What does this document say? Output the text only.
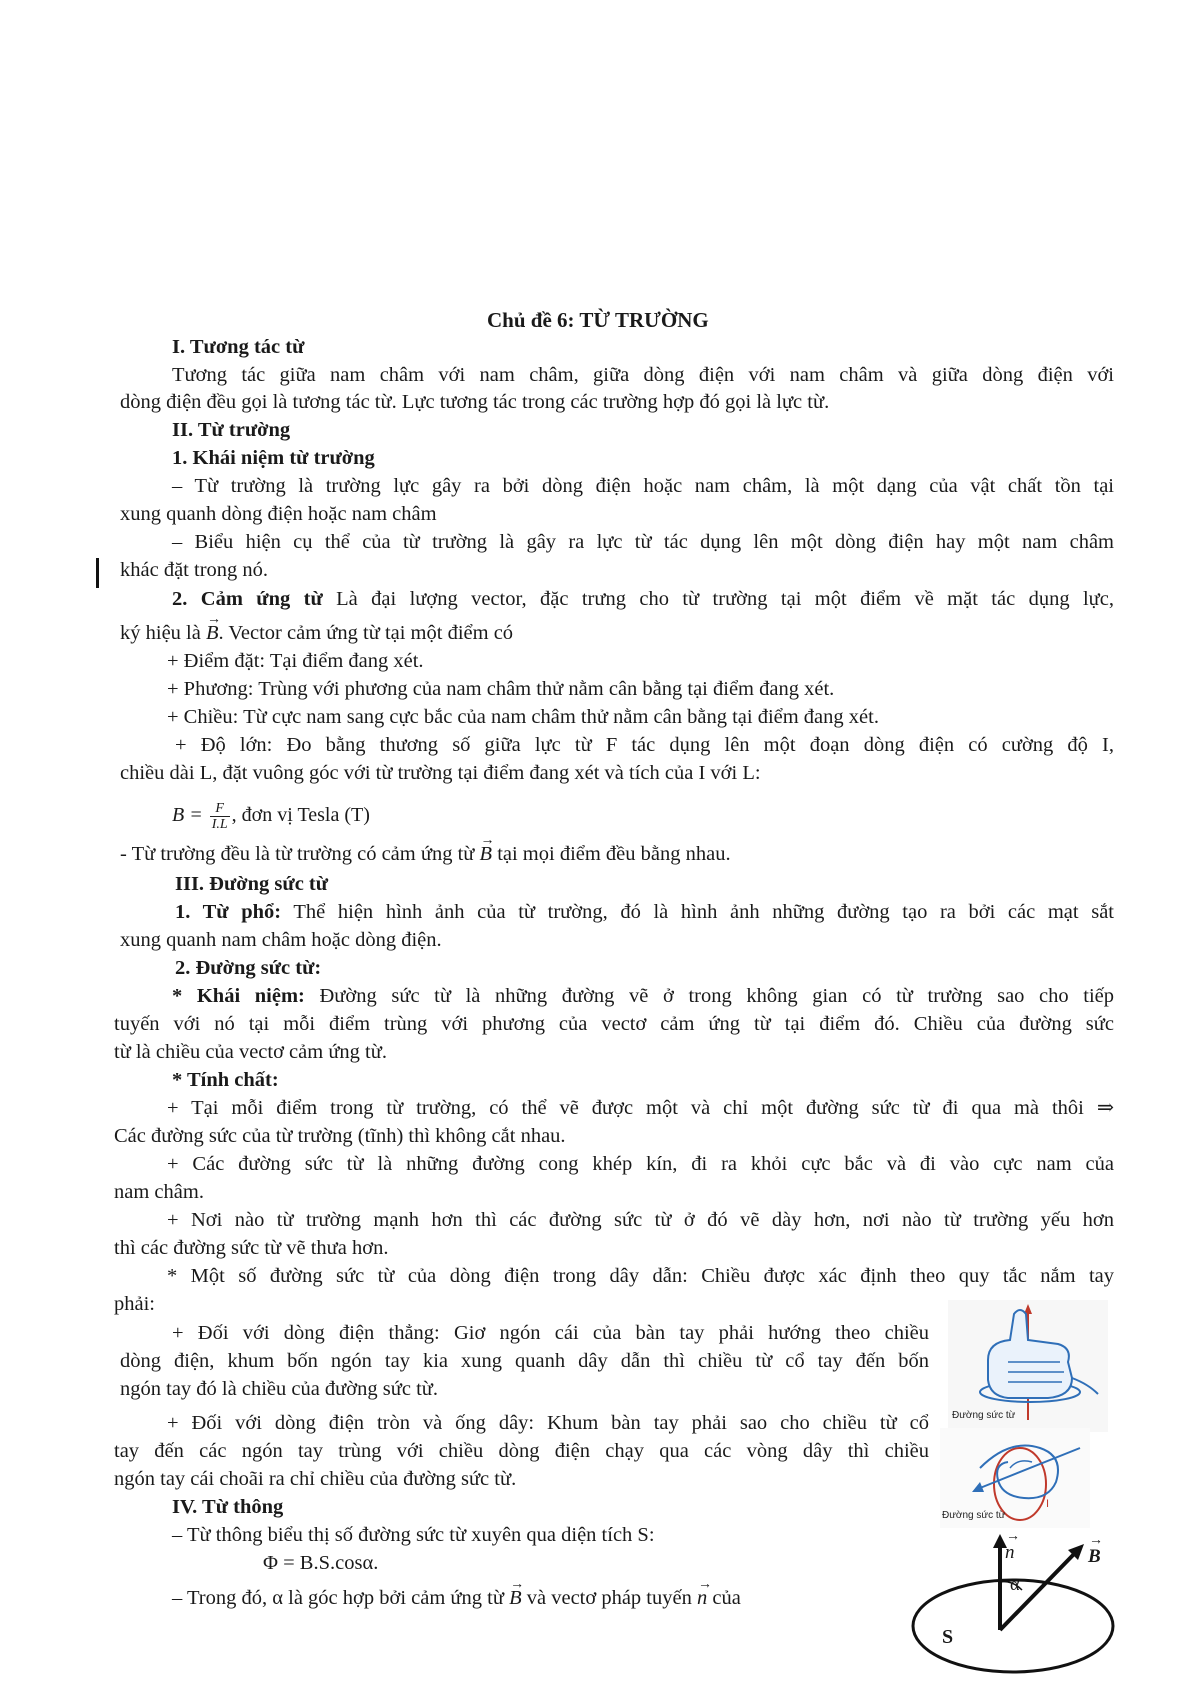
Chủ đề 6: TỪ TRƯỜNG
I. Tương tác từ
Tương tác giữa nam châm với nam châm, giữa dòng điện với nam châm và giữa dòng điện với
dòng điện đều gọi là tương tác từ. Lực tương tác trong các trường hợp đó gọi là lực từ.
II. Từ trường
1. Khái niệm từ trường
– Từ trường là trường lực gây ra bởi dòng điện hoặc nam châm, là một dạng của vật chất tồn tại
xung quanh dòng điện hoặc nam châm
– Biểu hiện cụ thể của từ trường là gây ra lực từ tác dụng lên một dòng điện hay một nam châm
khác đặt trong nó.
2. Cảm ứng từ Là đại lượng vector, đặc trưng cho từ trường tại một điểm về mặt tác dụng lực,
ký hiệu là → B. Vector cảm ứng từ tại một điểm có
+ Điểm đặt: Tại điểm đang xét.
+ Phương: Trùng với phương của nam châm thử nằm cân bằng tại điểm đang xét.
+ Chiều: Từ cực nam sang cực bắc của nam châm thử nằm cân bằng tại điểm đang xét.
+ Độ lớn: Đo bằng thương số giữa lực từ F tác dụng lên một đoạn dòng điện có cường độ I,
chiều dài L, đặt vuông góc với từ trường tại điểm đang xét và tích của I với L:
$B = \frac{F}{I.L}$ , đơn vị Tesla (T)
- Từ trường đều là từ trường có cảm ứng từ → B tại mọi điểm đều bằng nhau.
III. Đường sức từ
1. Từ phổ: Thể hiện hình ảnh của từ trường, đó là hình ảnh những đường tạo ra bởi các mạt sắt
xung quanh nam châm hoặc dòng điện.
2. Đường sức từ:
* Khái niệm: Đường sức từ là những đường vẽ ở trong không gian có từ trường sao cho tiếp
tuyến với nó tại mỗi điểm trùng với phương của vectơ cảm ứng từ tại điểm đó. Chiều của đường sức
từ là chiều của vectơ cảm ứng từ.
* Tính chất:
+ Tại mỗi điểm trong từ trường, có thể vẽ được một và chỉ một đường sức từ đi qua mà thôi ⇒
Các đường sức của từ trường (tĩnh) thì không cắt nhau.
+ Các đường sức từ là những đường cong khép kín, đi ra khỏi cực bắc và đi vào cực nam của
nam châm.
+ Nơi nào từ trường mạnh hơn thì các đường sức từ ở đó vẽ dày hơn, nơi nào từ trường yếu hơn
thì các đường sức từ vẽ thưa hơn.
* Một số đường sức từ của dòng điện trong dây dẫn: Chiều được xác định theo quy tắc nắm tay
phải:
+ Đối với dòng điện thẳng: Giơ ngón cái của bàn tay phải hướng theo chiều
dòng điện, khum bốn ngón tay kia xung quanh dây dẫn thì chiều từ cổ tay đến bốn
ngón tay đó là chiều của đường sức từ.
+ Đối với dòng điện tròn và ống dây: Khum bàn tay phải sao cho chiều từ cổ
tay đến các ngón tay trùng với chiều dòng điện chạy qua các vòng dây thì chiều
ngón tay cái choãi ra chỉ chiều của đường sức từ.
IV. Từ thông
– Từ thông biểu thị số đường sức từ xuyên qua diện tích S:
Φ = B.S.cosα.
– Trong đó, α là góc hợp bởi cảm ứng từ → B và vectơ pháp tuyến → n của
Đường sức từ
Đường sức từ
I
→ n	→ B
α
S
